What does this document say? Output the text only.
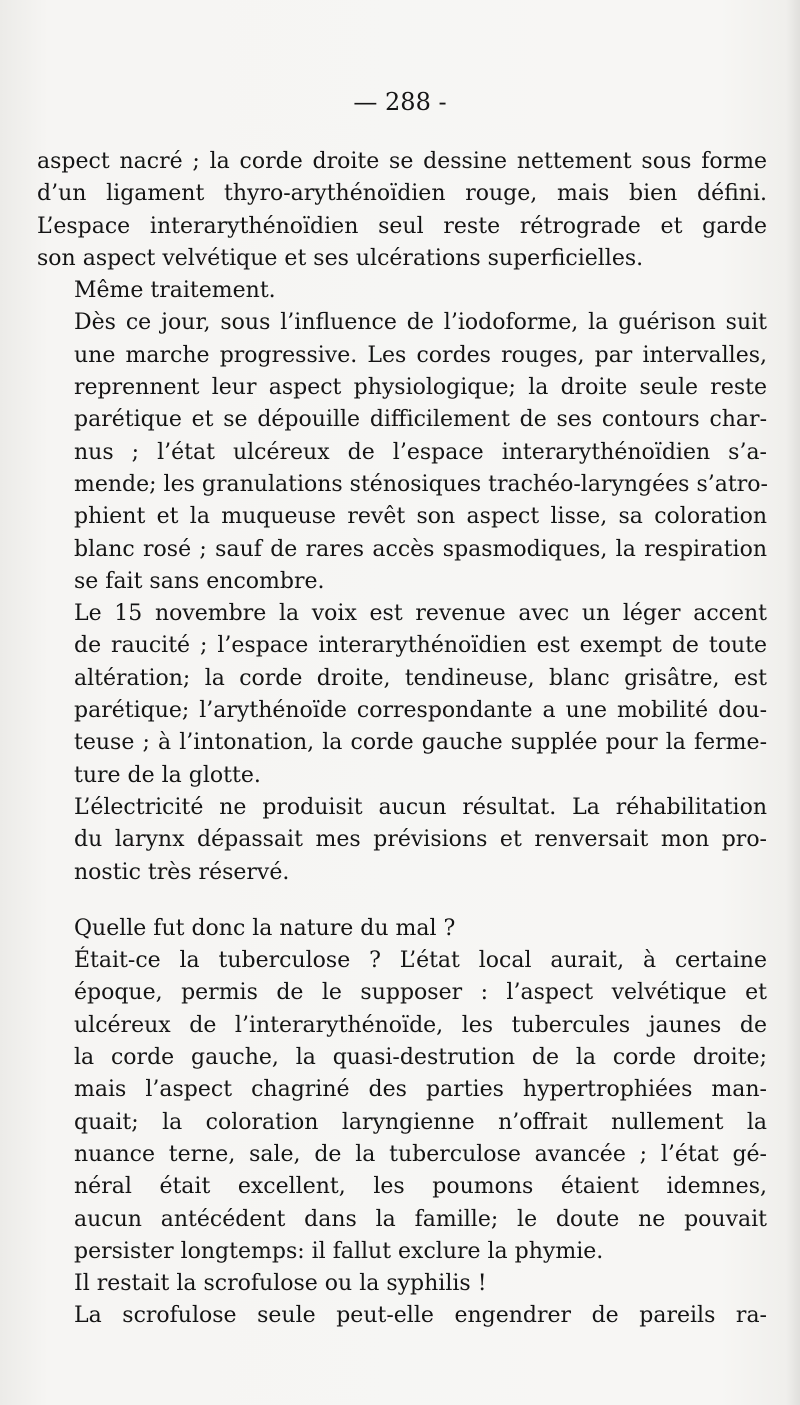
— 288 -

aspect nacré ; la corde droite se dessine nettement sous forme
d’un ligament thyro-arythénoïdien rouge, mais bien défini.
L’espace interarythénoïdien seul reste rétrograde et garde
son aspect velvétique et ses ulcérations superficielles.

Même traitement.

Dès ce jour, sous l’influence de l’iodoforme, la guérison suit
une marche progressive. Les cordes rouges, par intervalles,
reprennent leur aspect physiologique; la droite seule reste
parétique et se dépouille difficilement de ses contours char-
nus ; l’état ulcéreux de l’espace interarythénoïdien s’a-
mende; les granulations sténosiques trachéo-laryngées s’atro-
phient et la muqueuse revêt son aspect lisse, sa coloration
blanc rosé ; sauf de rares accès spasmodiques, la respiration
se fait sans encombre.

Le 15 novembre la voix est revenue avec un léger accent
de raucité ; l’espace interarythénoïdien est exempt de toute
altération; la corde droite, tendineuse, blanc grisâtre, est
parétique; l’arythénoïde correspondante a une mobilité dou-
teuse ; à l’intonation, la corde gauche supplée pour la ferme-
ture de la glotte.

L’électricité ne produisit aucun résultat. La réhabilitation
du larynx dépassait mes prévisions et renversait mon pro-
nostic très réservé.

Quelle fut donc la nature du mal ?

Était-ce la tuberculose ? L’état local aurait, à certaine
époque, permis de le supposer : l’aspect velvétique et
ulcéreux de l’interarythénoïde, les tubercules jaunes de
la corde gauche, la quasi-destrution de la corde droite;
mais l’aspect chagriné des parties hypertrophiées man-
quait; la coloration laryngienne n’offrait nullement la
nuance terne, sale, de la tuberculose avancée ; l’état gé-
néral était excellent, les poumons étaient idemnes,
aucun antécédent dans la famille; le doute ne pouvait
persister longtemps: il fallut exclure la phymie.

Il restait la scrofulose ou la syphilis !

La scrofulose seule peut-elle engendrer de pareils ra-
